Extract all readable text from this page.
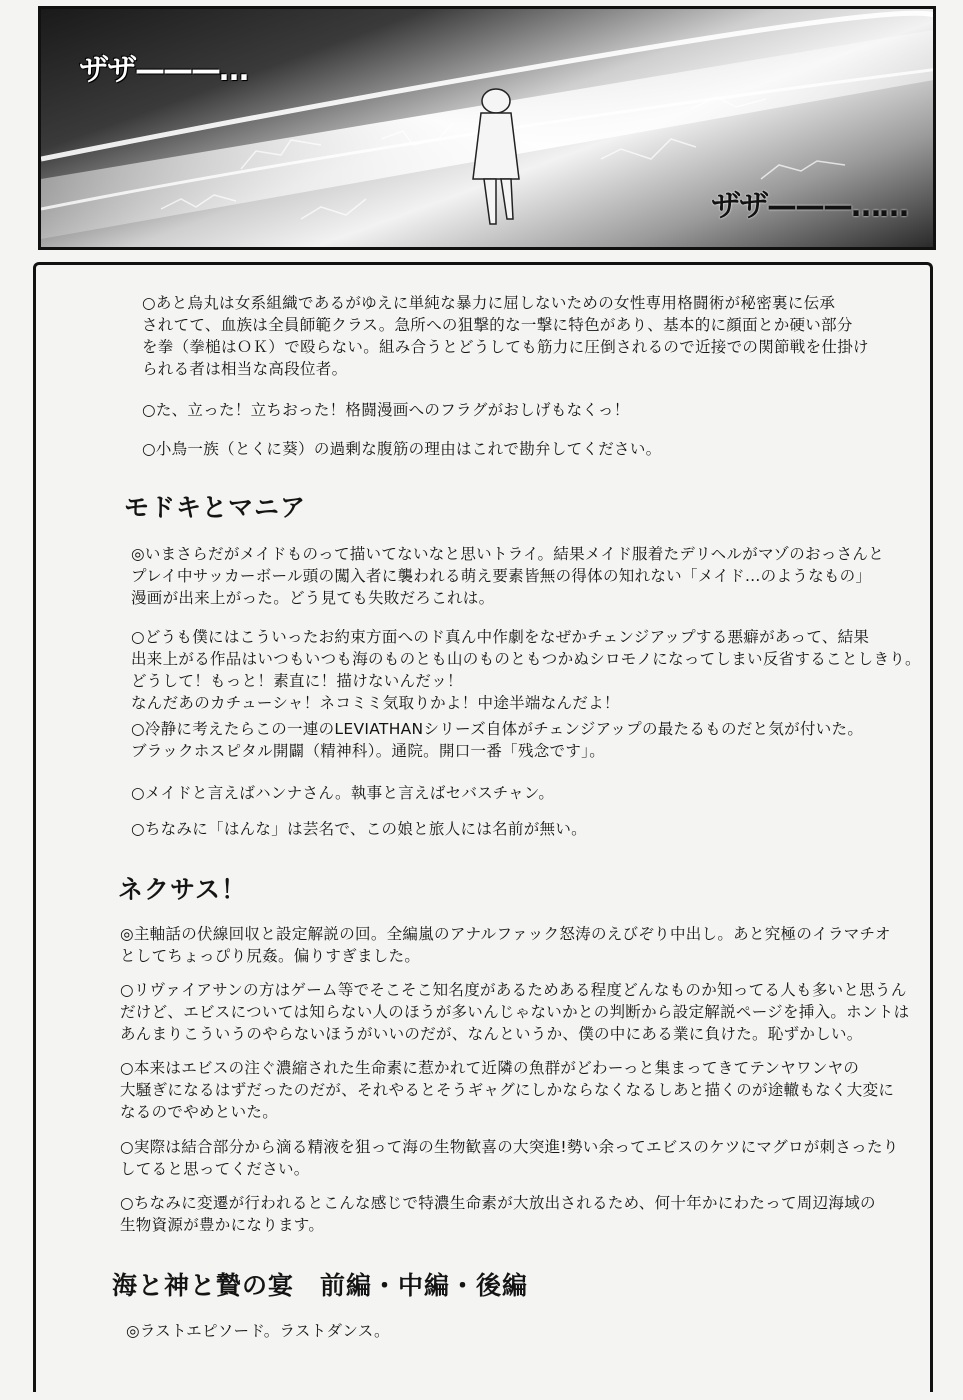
ザザ———…
ザザ———……
○あと烏丸は女系組織であるがゆえに単純な暴力に屈しないための女性専用格闘術が秘密裏に伝承
されてて、血族は全員師範クラス。急所への狙撃的な一撃に特色があり、基本的に顔面とか硬い部分
を拳（拳槌はＯＫ）で殴らない。組み合うとどうしても筋力に圧倒されるので近接での関節戦を仕掛け
られる者は相当な高段位者。
○た、立った！立ちおった！格闘漫画へのフラグがおしげもなくっ！
○小鳥一族（とくに葵）の過剰な腹筋の理由はこれで勘弁してください。
モドキとマニア
◎いまさらだがメイドものって描いてないなと思いトライ。結果メイド服着たデリヘルがマゾのおっさんと
プレイ中サッカーボール頭の闖入者に襲われる萌え要素皆無の得体の知れない「メイド…のようなもの」
漫画が出来上がった。どう見ても失敗だろこれは。
○どうも僕にはこういったお約束方面へのド真ん中作劇をなぜかチェンジアップする悪癖があって、結果
出来上がる作品はいつもいつも海のものとも山のものともつかぬシロモノになってしまい反省することしきり。
どうして！もっと！素直に！描けないんだッ！
なんだあのカチューシャ！ネコミミ気取りかよ！中途半端なんだよ！
○冷静に考えたらこの一連のLEVIATHANシリーズ自体がチェンジアップの最たるものだと気が付いた。
ブラックホスピタル開闢（精神科）。通院。開口一番「残念です」。
○メイドと言えばハンナさん。執事と言えばセバスチャン。
○ちなみに「はんな」は芸名で、この娘と旅人には名前が無い。
ネクサス！
◎主軸話の伏線回収と設定解説の回。全編嵐のアナルファック怒涛のえびぞり中出し。あと究極のイラマチオ
としてちょっぴり尻姦。偏りすぎました。
○リヴァイアサンの方はゲーム等でそこそこ知名度があるためある程度どんなものか知ってる人も多いと思うん
だけど、エビスについては知らない人のほうが多いんじゃないかとの判断から設定解説ページを挿入。ホントは
あんまりこういうのやらないほうがいいのだが、なんというか、僕の中にある業に負けた。恥ずかしい。
○本来はエビスの注ぐ濃縮された生命素に惹かれて近隣の魚群がどわーっと集まってきてテンヤワンヤの
大騒ぎになるはずだったのだが、それやるとそうギャグにしかならなくなるしあと描くのが途轍もなく大変に
なるのでやめといた。
○実際は結合部分から滴る精液を狙って海の生物歓喜の大突進!勢い余ってエビスのケツにマグロが刺さったり
してると思ってください。
○ちなみに変遷が行われるとこんな感じで特濃生命素が大放出されるため、何十年かにわたって周辺海域の
生物資源が豊かになります。
海と神と贄の宴　前編・中編・後編
◎ラストエピソード。ラストダンス。
